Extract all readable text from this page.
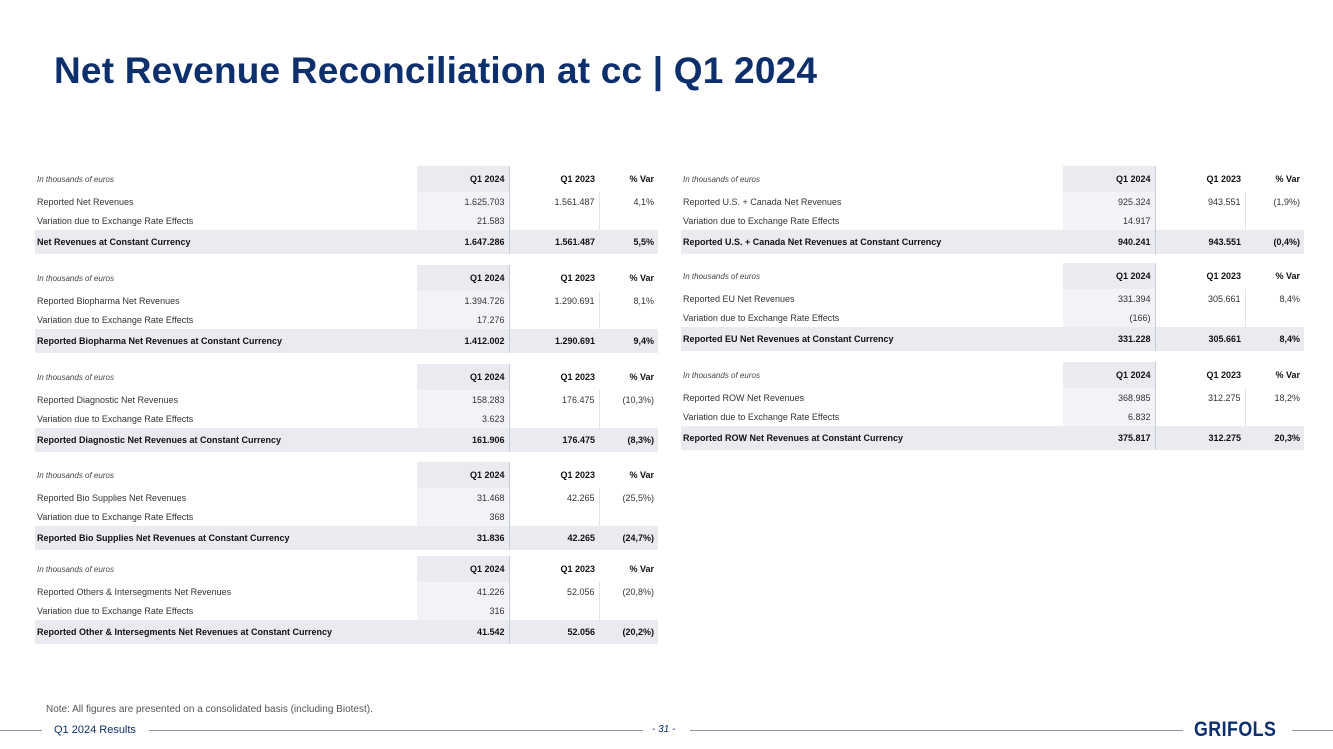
Net Revenue Reconciliation at cc | Q1 2024
In thousands of euros	Q1 2024	Q1 2023	% Var
Reported Net Revenues	1.625.703	1.561.487	4,1%
Variation due to Exchange Rate Effects	21.583		
Net Revenues at Constant Currency	1.647.286	1.561.487	5,5%
In thousands of euros	Q1 2024	Q1 2023	% Var
Reported Biopharma Net Revenues	1.394.726	1.290.691	8,1%
Variation due to Exchange Rate Effects	17.276		
Reported Biopharma Net Revenues at Constant Currency	1.412.002	1.290.691	9,4%
In thousands of euros	Q1 2024	Q1 2023	% Var
Reported Diagnostic Net Revenues	158.283	176.475	(10,3%)
Variation due to Exchange Rate Effects	3.623		
Reported Diagnostic Net Revenues at Constant Currency	161.906	176.475	(8,3%)
In thousands of euros	Q1 2024	Q1 2023	% Var
Reported Bio Supplies Net Revenues	31.468	42.265	(25,5%)
Variation due to Exchange Rate Effects	368		
Reported Bio Supplies Net Revenues at Constant Currency	31.836	42.265	(24,7%)
In thousands of euros	Q1 2024	Q1 2023	% Var
Reported Others & Intersegments Net Revenues	41.226	52.056	(20,8%)
Variation due to Exchange Rate Effects	316		
Reported Other & Intersegments Net Revenues at Constant Currency	41.542	52.056	(20,2%)
In thousands of euros	Q1 2024	Q1 2023	% Var
Reported U.S. + Canada Net Revenues	925.324	943.551	(1,9%)
Variation due to Exchange Rate Effects	14.917		
Reported U.S. + Canada Net Revenues at Constant Currency	940.241	943.551	(0,4%)
In thousands of euros	Q1 2024	Q1 2023	% Var
Reported EU Net Revenues	331.394	305.661	8,4%
Variation due to Exchange Rate Effects	(166)		
Reported EU Net Revenues at Constant Currency	331.228	305.661	8,4%
In thousands of euros	Q1 2024	Q1 2023	% Var
Reported ROW Net Revenues	368.985	312.275	18,2%
Variation due to Exchange Rate Effects	6.832		
Reported ROW Net Revenues at Constant Currency	375.817	312.275	20,3%
Note: All figures are presented on a consolidated basis (including Biotest).
Q1 2024 Results	- 31 -	GRIFOLS
